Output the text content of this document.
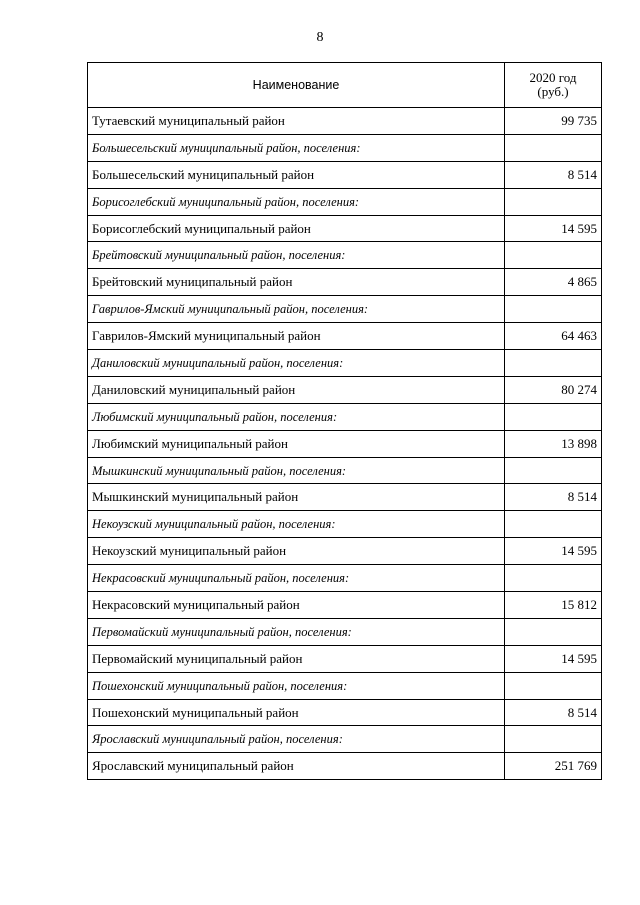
8
Наименование	2020 год
(руб.)

Тутаевский муниципальный район	99 735
Большесельский муниципальный район, поселения:	
Большесельский муниципальный район	8 514
Борисоглебский муниципальный район, поселения:	
Борисоглебский муниципальный район	14 595
Брейтовский муниципальный район, поселения:	
Брейтовский муниципальный район	4 865
Гаврилов-Ямский муниципальный район, поселения:	
Гаврилов-Ямский муниципальный район	64 463
Даниловский муниципальный район, поселения:	
Даниловский муниципальный район	80 274
Любимский муниципальный район, поселения:	
Любимский муниципальный район	13 898
Мышкинский муниципальный район, поселения:	
Мышкинский муниципальный район	8 514
Некоузский муниципальный район, поселения:	
Некоузский муниципальный район	14 595
Некрасовский муниципальный район, поселения:	
Некрасовский муниципальный район	15 812
Первомайский муниципальный район, поселения:	
Первомайский муниципальный район	14 595
Пошехонский муниципальный район, поселения:	
Пошехонский муниципальный район	8 514
Ярославский муниципальный район, поселения:	
Ярославский муниципальный район	251 769
